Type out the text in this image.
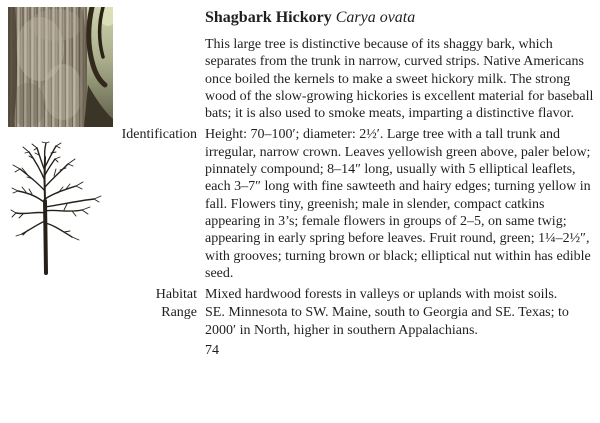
Shagbark Hickory Carya ovata
This large tree is distinctive because of its shaggy bark, which separates from the trunk in narrow, curved strips. Native Americans once boiled the kernels to make a sweet hickory milk. The strong wood of the slow-growing hickories is excellent material for baseball bats; it is also used to smoke meats, imparting a distinctive flavor.
Identification Height: 70–100′; diameter: 2½′. Large tree with a tall trunk and irregular, narrow crown. Leaves yellowish green above, paler below; pinnately compound; 8–14″ long, usually with 5 elliptical leaflets, each 3–7″ long with fine sawteeth and hairy edges; turning yellow in fall. Flowers tiny, greenish; male in slender, compact catkins appearing in 3’s; female flowers in groups of 2–5, on same twig; appearing in early spring before leaves. Fruit round, green; 1¼–2½″, with grooves; turning brown or black; elliptical nut within has edible seed.
Habitat Mixed hardwood forests in valleys or uplands with moist soils.
Range SE. Minnesota to SW. Maine, south to Georgia and SE. Texas; to 2000′ in North, higher in southern Appalachians.
74
